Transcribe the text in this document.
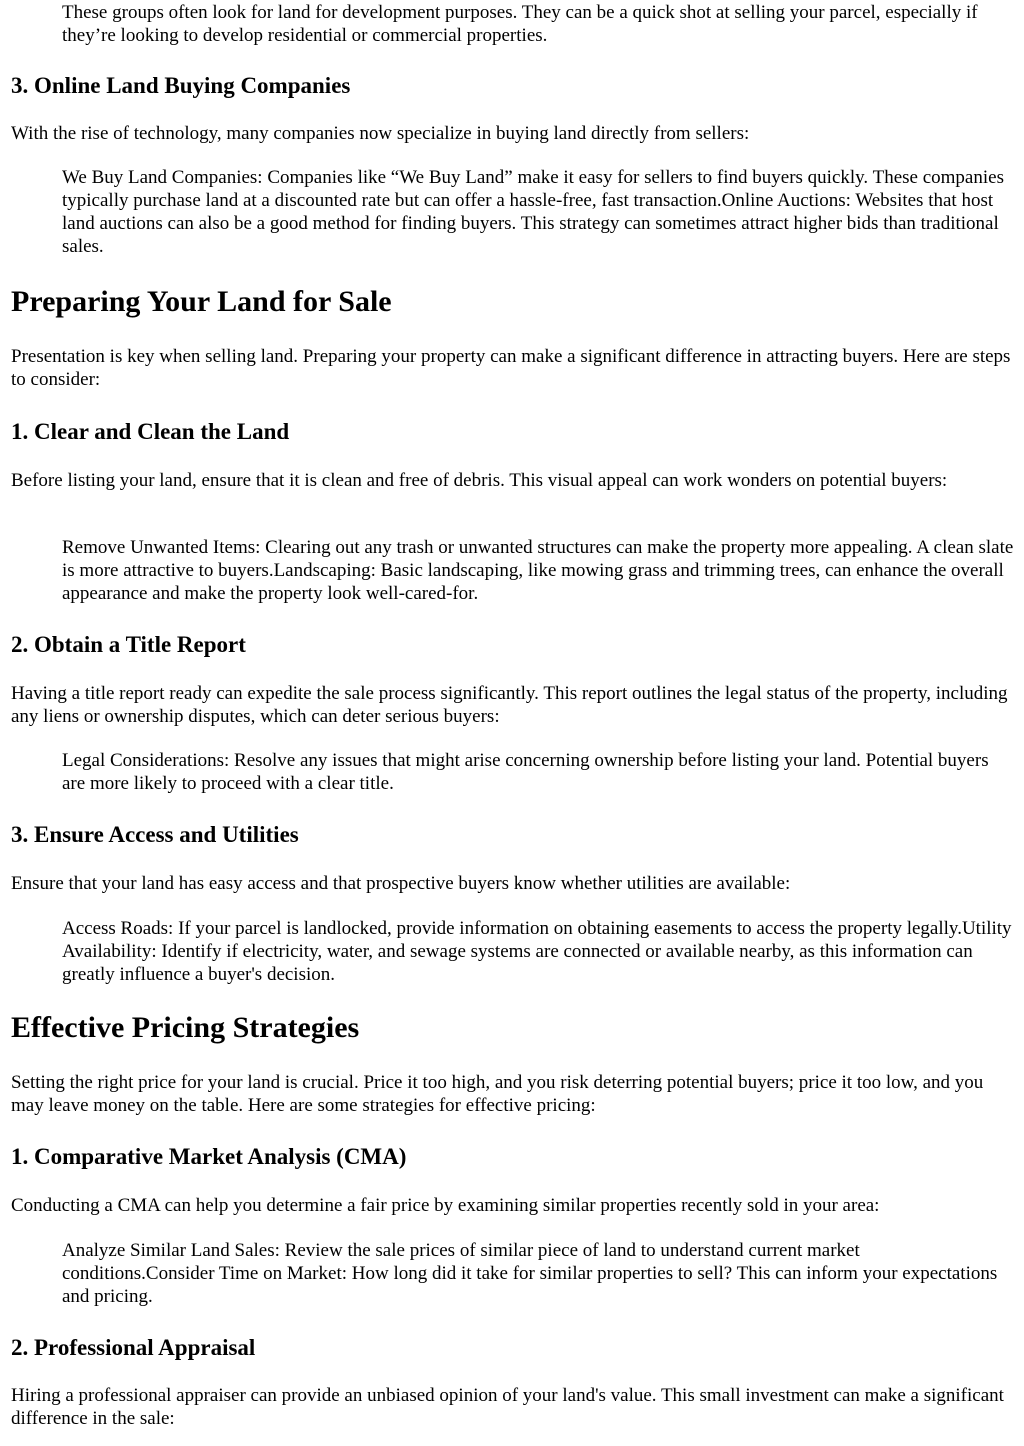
These groups often look for land for development purposes. They can be a quick shot at selling your parcel, especially if they’re looking to develop residential or commercial properties.

3. Online Land Buying Companies

With the rise of technology, many companies now specialize in buying land directly from sellers:

We Buy Land Companies: Companies like “We Buy Land” make it easy for sellers to find buyers quickly. These companies typically purchase land at a discounted rate but can offer a hassle-free, fast transaction.Online Auctions: Websites that host land auctions can also be a good method for finding buyers. This strategy can sometimes attract higher bids than traditional sales.

Preparing Your Land for Sale

Presentation is key when selling land. Preparing your property can make a significant difference in attracting buyers. Here are steps to consider:

1. Clear and Clean the Land

Before listing your land, ensure that it is clean and free of debris. This visual appeal can work wonders on potential buyers:

Remove Unwanted Items: Clearing out any trash or unwanted structures can make the property more appealing. A clean slate is more attractive to buyers.Landscaping: Basic landscaping, like mowing grass and trimming trees, can enhance the overall appearance and make the property look well-cared-for.

2. Obtain a Title Report

Having a title report ready can expedite the sale process significantly. This report outlines the legal status of the property, including any liens or ownership disputes, which can deter serious buyers:

Legal Considerations: Resolve any issues that might arise concerning ownership before listing your land. Potential buyers are more likely to proceed with a clear title.

3. Ensure Access and Utilities

Ensure that your land has easy access and that prospective buyers know whether utilities are available:

Access Roads: If your parcel is landlocked, provide information on obtaining easements to access the property legally.Utility Availability: Identify if electricity, water, and sewage systems are connected or available nearby, as this information can greatly influence a buyer's decision.

Effective Pricing Strategies

Setting the right price for your land is crucial. Price it too high, and you risk deterring potential buyers; price it too low, and you may leave money on the table. Here are some strategies for effective pricing:

1. Comparative Market Analysis (CMA)

Conducting a CMA can help you determine a fair price by examining similar properties recently sold in your area:

Analyze Similar Land Sales: Review the sale prices of similar piece of land to understand current market conditions.Consider Time on Market: How long did it take for similar properties to sell? This can inform your expectations and pricing.

2. Professional Appraisal

Hiring a professional appraiser can provide an unbiased opinion of your land's value. This small investment can make a significant difference in the sale:
